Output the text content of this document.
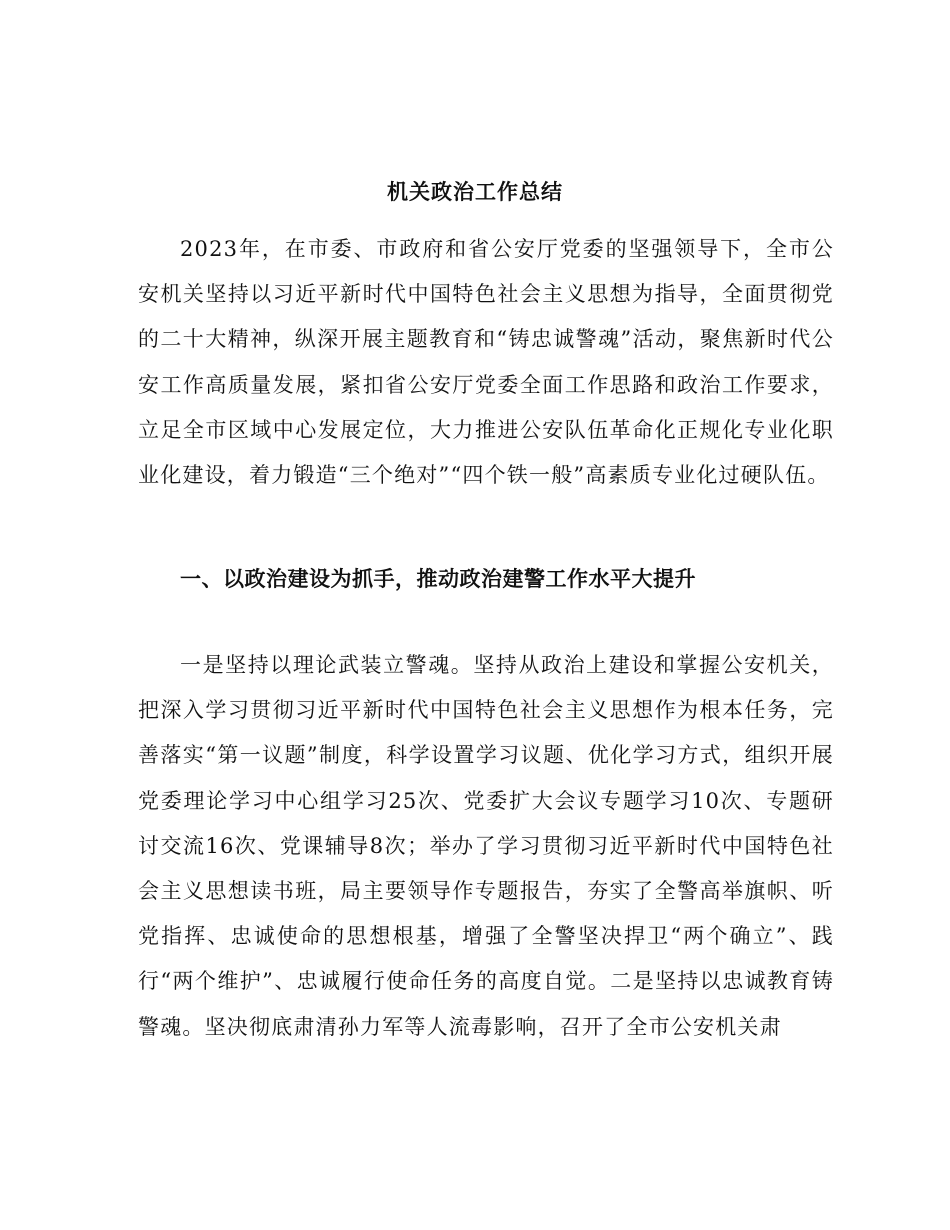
机关政治工作总结

2023年，在市委、市政府和省公安厅党委的坚强领导下，全市公安机关坚持以习近平新时代中国特色社会主义思想为指导，全面贯彻党的二十大精神，纵深开展主题教育和“铸忠诚警魂”活动，聚焦新时代公安工作高质量发展，紧扣省公安厅党委全面工作思路和政治工作要求，立足全市区域中心发展定位，大力推进公安队伍革命化正规化专业化职业化建设，着力锻造“三个绝对”“四个铁一般”高素质专业化过硬队伍。

一、以政治建设为抓手，推动政治建警工作水平大提升

一是坚持以理论武装立警魂。坚持从政治上建设和掌握公安机关，把深入学习贯彻习近平新时代中国特色社会主义思想作为根本任务，完善落实“第一议题”制度，科学设置学习议题、优化学习方式，组织开展党委理论学习中心组学习25次、党委扩大会议专题学习10次、专题研讨交流16次、党课辅导8次；举办了学习贯彻习近平新时代中国特色社会主义思想读书班，局主要领导作专题报告，夯实了全警高举旗帜、听党指挥、忠诚使命的思想根基，增强了全警坚决捍卫“两个确立”、践行“两个维护”、忠诚履行使命任务的高度自觉。二是坚持以忠诚教育铸警魂。坚决彻底肃清孙力军等人流毒影响，召开了全市公安机关肃
